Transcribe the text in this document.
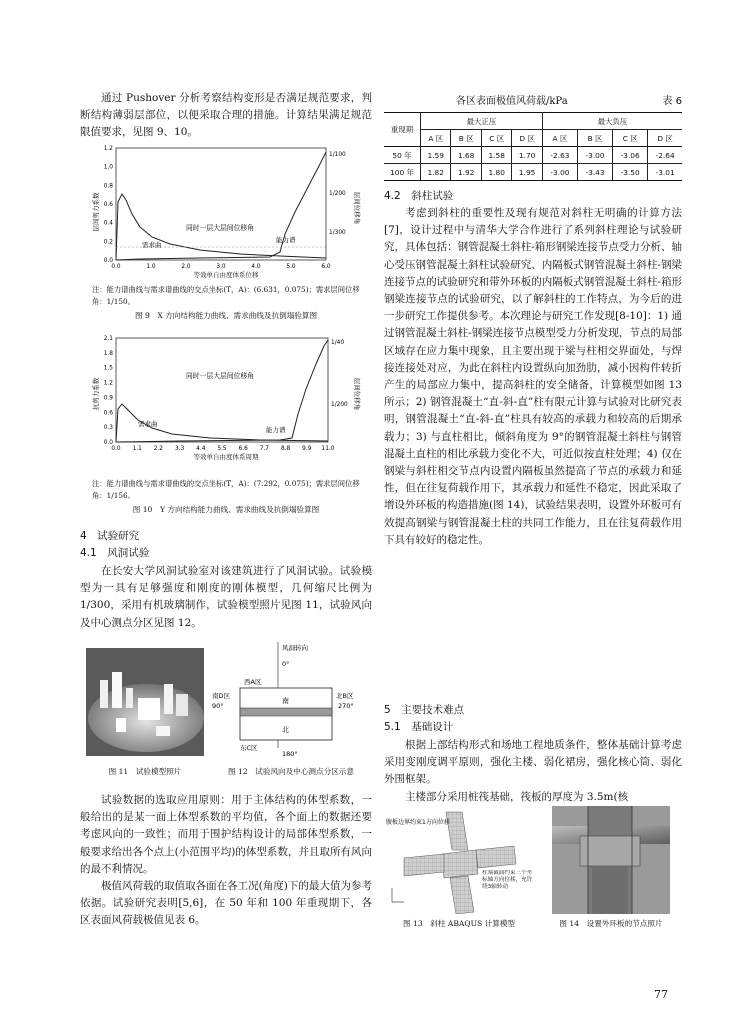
通过 Pushover 分析考察结构变形是否满足规范要求，判断结构薄弱层部位，以便采取合理的措施。计算结果满足规范限值要求，见图 9、10。

层间剪力系数	层间位移角
同时一层大层间位移角
需求曲
能力谱
1.2
1.0
0.8
0.6
0.4
0.2
0.0
0.0	1.0	2.0	3.0	4.0	5.0	6.0
1/100
1/200
1/300
等效单自由度体系位移

注：能力谱曲线与需求谱曲线的交点坐标(T，A)：(6.631，0.075)；需求层间位移角：1/150。

图 9　X 方向结构能力曲线、需求曲线及抗倒塌验算图

抗剪力系数	层间位移角
同时一层大层间位移角
需求曲
能力谱
2.1
1.8
1.5
1.2
0.9
0.6
0.3
0.0
0.0 1.1 2.2 3.3 4.4 5.5 6.6 7.7 8.8 9.9 11.0
1/40
1/200
等效单自由度体系周期

注：能力谱曲线与需求谱曲线的交点坐标(T，A)：(7.292，0.075)；需求层间位移角：1/156。

图 10　Y 方向结构能力曲线、需求曲线及抗倒塌验算图

4　试验研究
4.1　风洞试验

在长安大学风洞试验室对该建筑进行了风洞试验。试验模型为一具有足够强度和刚度的刚体模型，几何缩尺比例为 1/300，采用有机玻璃制作，试验模型照片见图 11，试验风向及中心测点分区见图 12。

图 11　试验模型照片

风洞转向
0°
西A区
南
北
南D区
90°
北B区
270°
东C区
180°

图 12　试验风向及中心测点分区示意

试验数据的选取应用原则：用于主体结构的体型系数，一般给出的是某一面上体型系数的平均值，各个面上的数据还要考虑风向的一致性；而用于围护结构设计的局部体型系数，一般要求给出各个点上(小范围平均)的体型系数，并且取所有风向的最不利情况。

极值风荷载的取值取各面在各工况(角度)下的最大值为参考依据。试验研究表明[5,6]，在 50 年和 100 年重现期下，各区表面风荷载极值见表 6。

各区表面极值风荷载/kPa	表 6
重现期	最大正压				最大负压			
	A 区	B 区	C 区	D 区	A 区	B 区	C 区	D 区
50 年	1.59	1.68	1.58	1.70	-2.63	-3.00	-3.06	-2.64
100 年	1.82	1.92	1.80	1.95	-3.00	-3.43	-3.50	-3.01
4.2　斜柱试验

考虑到斜柱的重要性及现有规范对斜柱无明确的计算方法[7]，设计过程中与清华大学合作进行了系列斜柱理论与试验研究，具体包括：钢管混凝土斜柱-箱形钢梁连接节点受力分析、轴心受压钢管混凝土斜柱试验研究、内隔板式钢管混凝土斜柱-钢梁连接节点的试验研究和带外环板的内隔板式钢管混凝土斜柱-箱形钢梁连接节点的试验研究，以了解斜柱的工作特点，为今后的进一步研究工作提供参考。本次理论与研究工作发现[8-10]：1) 通过钢管混凝土斜柱-钢梁连接节点模型受力分析发现，节点的局部区域存在应力集中现象，且主要出现于梁与柱相交界面处，与焊接连接处对应，为此在斜柱内设置纵向加劲肋，减小因构件转折产生的局部应力集中，提高斜柱的安全储备，计算模型如图 13 所示；2) 钢管混凝土“直-斜-直”柱有限元计算与试验对比研究表明，钢管混凝土“直-斜-直”柱具有较高的承载力和较高的后期承载力；3) 与直柱相比，倾斜角度为 9°的钢管混凝土斜柱与钢管混凝土直柱的相比承载力变化不大，可近似按直柱处理；4) 仅在钢梁与斜柱相交节点内设置内隔板虽然提高了节点的承载力和延性，但在往复荷载作用下，其承载力和延性不稳定，因此采取了增设外环板的构造措施(图 14)，试验结果表明，设置外环板可有效提高钢梁与钢管混凝土柱的共同工作能力，且在往复荷载作用下具有较好的稳定性。

5　主要技术难点
5.1　基础设计

根据上部结构形式和场地工程地质条件，整体基础计算考虑采用变刚度调平原则，强化主楼、弱化裙房，强化核心筒、弱化外围框架。

主楼部分采用桩筏基础，筏板的厚度为 3.5m(核

腹板边界约束1方向位移
柱端截面约束三个坐标轴方向位移，允许绕3轴转动

图 13　斜柱 ABAQUS 计算模型	图 14　设置外环板的节点照片

77
